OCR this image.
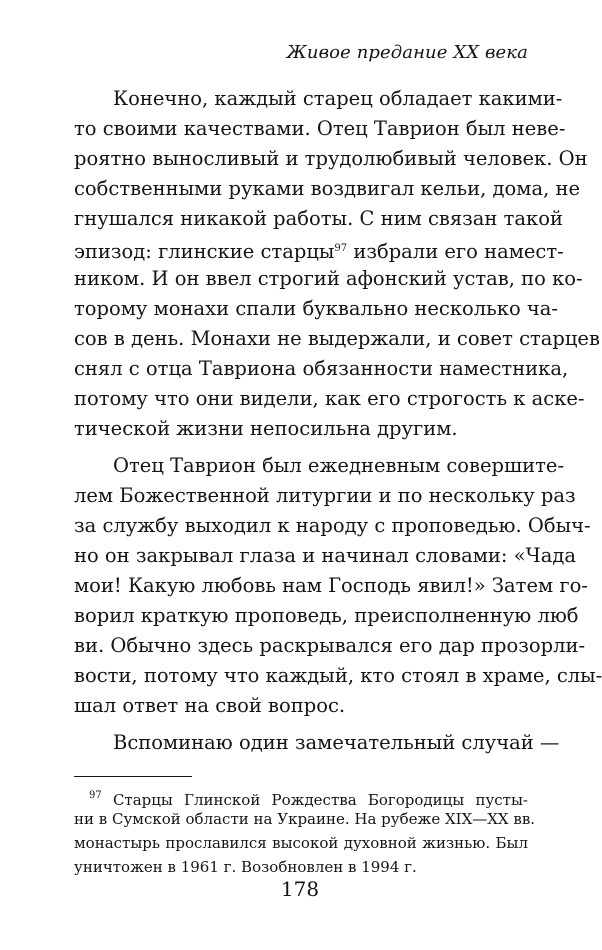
Живое предание XX века
Конечно, каждый старец обладает какими-
то своими качествами. Отец Таврион был неве-
роятно выносливый и трудолюбивый человек. Он
собственными руками воздвигал кельи, дома, не
гнушался никакой работы. С ним связан такой
эпизод: глинские старцы$^{97}$ избрали его намест-
ником. И он ввел строгий афонский устав, по ко-
торому монахи спали буквально несколько ча-
сов в день. Монахи не выдержали, и совет старцев
снял с отца Тавриона обязанности наместника,
потому что они видели, как его строгость к аске-
тической жизни непосильна другим.
Отец Таврион был ежедневным совершите-
лем Божественной литургии и по нескольку раз
за службу выходил к народу с проповедью. Обыч-
но он закрывал глаза и начинал словами: «Чада
мои! Какую любовь нам Господь явил!» Затем го-
ворил краткую проповедь, преисполненную люб
ви. Обычно здесь раскрывался его дар прозорли-
вости, потому что каждый, кто стоял в храме, слы-
шал ответ на свой вопрос.
Вспоминаю один замечательный случай —
$^{97}$ Старцы Глинской Рождества Богородицы пусты-
ни в Сумской области на Украине. На рубеже XIX—XX вв.
монастырь прославился высокой духовной жизнью. Был
уничтожен в 1961 г. Возобновлен в 1994 г.
178
